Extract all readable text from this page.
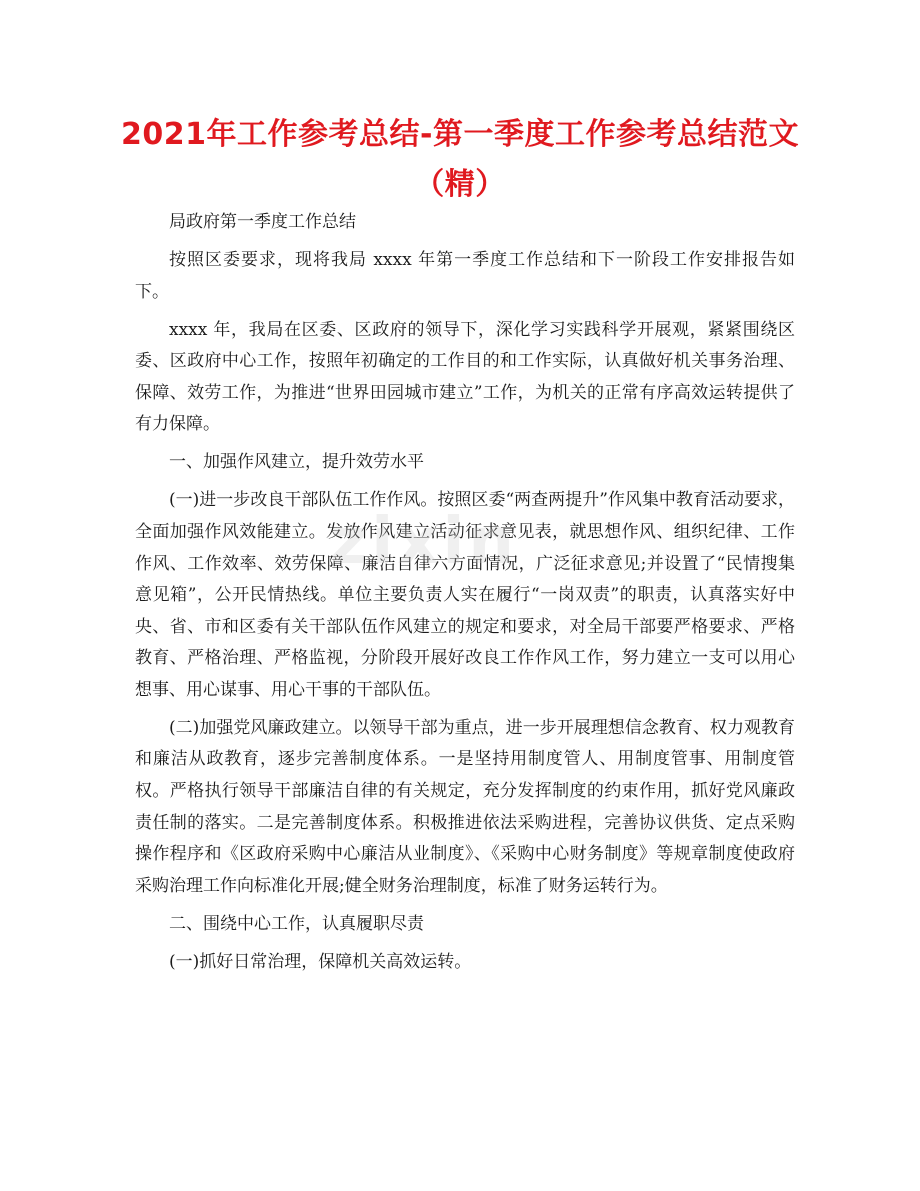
2021年工作参考总结-第一季度工作参考总结范文（精）

局政府第一季度工作总结

按照区委要求，现将我局 xxxx 年第一季度工作总结和下一阶段工作安排报告如下。

xxxx 年，我局在区委、区政府的领导下，深化学习实践科学开展观，紧紧围绕区委、区政府中心工作，按照年初确定的工作目的和工作实际，认真做好机关事务治理、保障、效劳工作，为推进“世界田园城市建立”工作，为机关的正常有序高效运转提供了有力保障。

一、加强作风建立，提升效劳水平

(一)进一步改良干部队伍工作作风。按照区委“两查两提升”作风集中教育活动要求，全面加强作风效能建立。发放作风建立活动征求意见表，就思想作风、组织纪律、工作作风、工作效率、效劳保障、廉洁自律六方面情况，广泛征求意见;并设置了“民情搜集意见箱”，公开民情热线。单位主要负责人实在履行“一岗双责”的职责，认真落实好中央、省、市和区委有关干部队伍作风建立的规定和要求，对全局干部要严格要求、严格教育、严格治理、严格监视，分阶段开展好改良工作作风工作，努力建立一支可以用心想事、用心谋事、用心干事的干部队伍。

(二)加强党风廉政建立。以领导干部为重点，进一步开展理想信念教育、权力观教育和廉洁从政教育，逐步完善制度体系。一是坚持用制度管人、用制度管事、用制度管权。严格执行领导干部廉洁自律的有关规定，充分发挥制度的约束作用，抓好党风廉政责任制的落实。二是完善制度体系。积极推进依法采购进程，完善协议供货、定点采购操作程序和《区政府采购中心廉洁从业制度》、《采购中心财务制度》等规章制度使政府采购治理工作向标准化开展;健全财务治理制度，标准了财务运转行为。

二、围绕中心工作，认真履职尽责

(一)抓好日常治理，保障机关高效运转。

zixin
